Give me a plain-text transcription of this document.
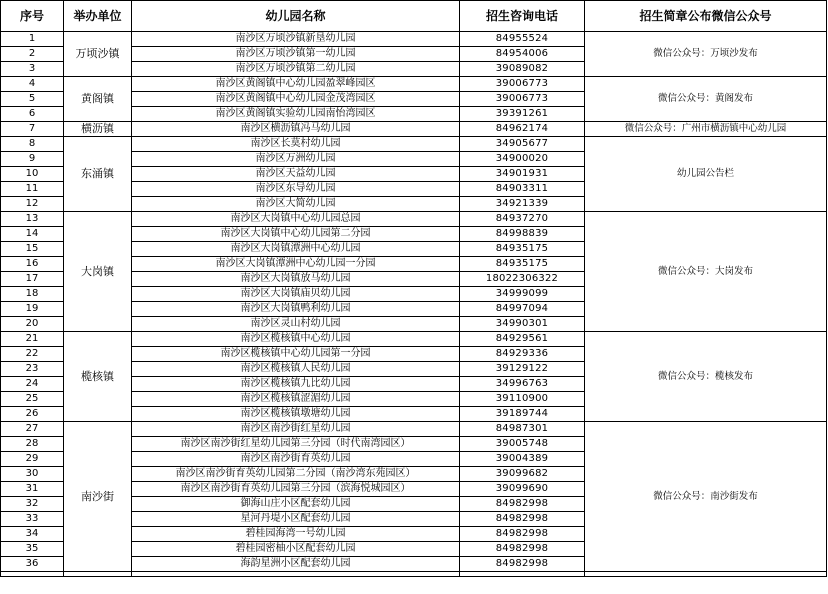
序号	举办单位	幼儿园名称	招生咨询电话	招生简章公布微信公众号
1	万顷沙镇	南沙区万顷沙镇新垦幼儿园	84955524	微信公众号：万顷沙发布
2		南沙区万顷沙镇第一幼儿园	84954006	
3		南沙区万顷沙镇第二幼儿园	39089082	
4	黄阁镇	南沙区黄阁镇中心幼儿园盈翠峰园区	39006773	微信公众号：黄阁发布
5		南沙区黄阁镇中心幼儿园金茂湾园区	39006773	
6		南沙区黄阁镇实验幼儿园南怡湾园区	39391261	
7	横沥镇	南沙区横沥镇冯马幼儿园	84962174	微信公众号：广州市横沥镇中心幼儿园
8	东涌镇	南沙区长莫村幼儿园	34905677	幼儿园公告栏
9		南沙区万洲幼儿园	34900020	
10		南沙区天益幼儿园	34901931	
11		南沙区东导幼儿园	84903311	
12		南沙区大简幼儿园	34921339	
13	大岗镇	南沙区大岗镇中心幼儿园总园	84937270	微信公众号：大岗发布
14		南沙区大岗镇中心幼儿园第二分园	84998839	
15		南沙区大岗镇潭洲中心幼儿园	84935175	
16		南沙区大岗镇潭洲中心幼儿园一分园	84935175	
17		南沙区大岗镇放马幼儿园	18022306322	
18		南沙区大岗镇庙贝幼儿园	34999099	
19		南沙区大岗镇鸭利幼儿园	84997094	
20		南沙区灵山村幼儿园	34990301	
21	榄核镇	南沙区榄核镇中心幼儿园	84929561	微信公众号：榄核发布
22		南沙区榄核镇中心幼儿园第一分园	84929336	
23		南沙区榄核镇人民幼儿园	39129122	
24		南沙区榄核镇九比幼儿园	34996763	
25		南沙区榄核镇涩湄幼儿园	39110900	
26		南沙区榄核镇墩塘幼儿园	39189744	
27	南沙街	南沙区南沙街红星幼儿园	84987301	微信公众号：南沙街发布
28		南沙区南沙街红星幼儿园第三分园（时代南湾园区）	39005748	
29		南沙区南沙街育英幼儿园	39004389	
30		南沙区南沙街育英幼儿园第二分园（南沙湾东苑园区）	39099682	
31		南沙区南沙街育英幼儿园第三分园（滨海悦城园区）	39099690	
32		御海山庄小区配套幼儿园	84982998	
33		星河丹堤小区配套幼儿园	84982998	
34		碧桂园海湾一号幼儿园	84982998	
35		碧桂园密柚小区配套幼儿园	84982998	
36		海韵星洲小区配套幼儿园	84982998	
